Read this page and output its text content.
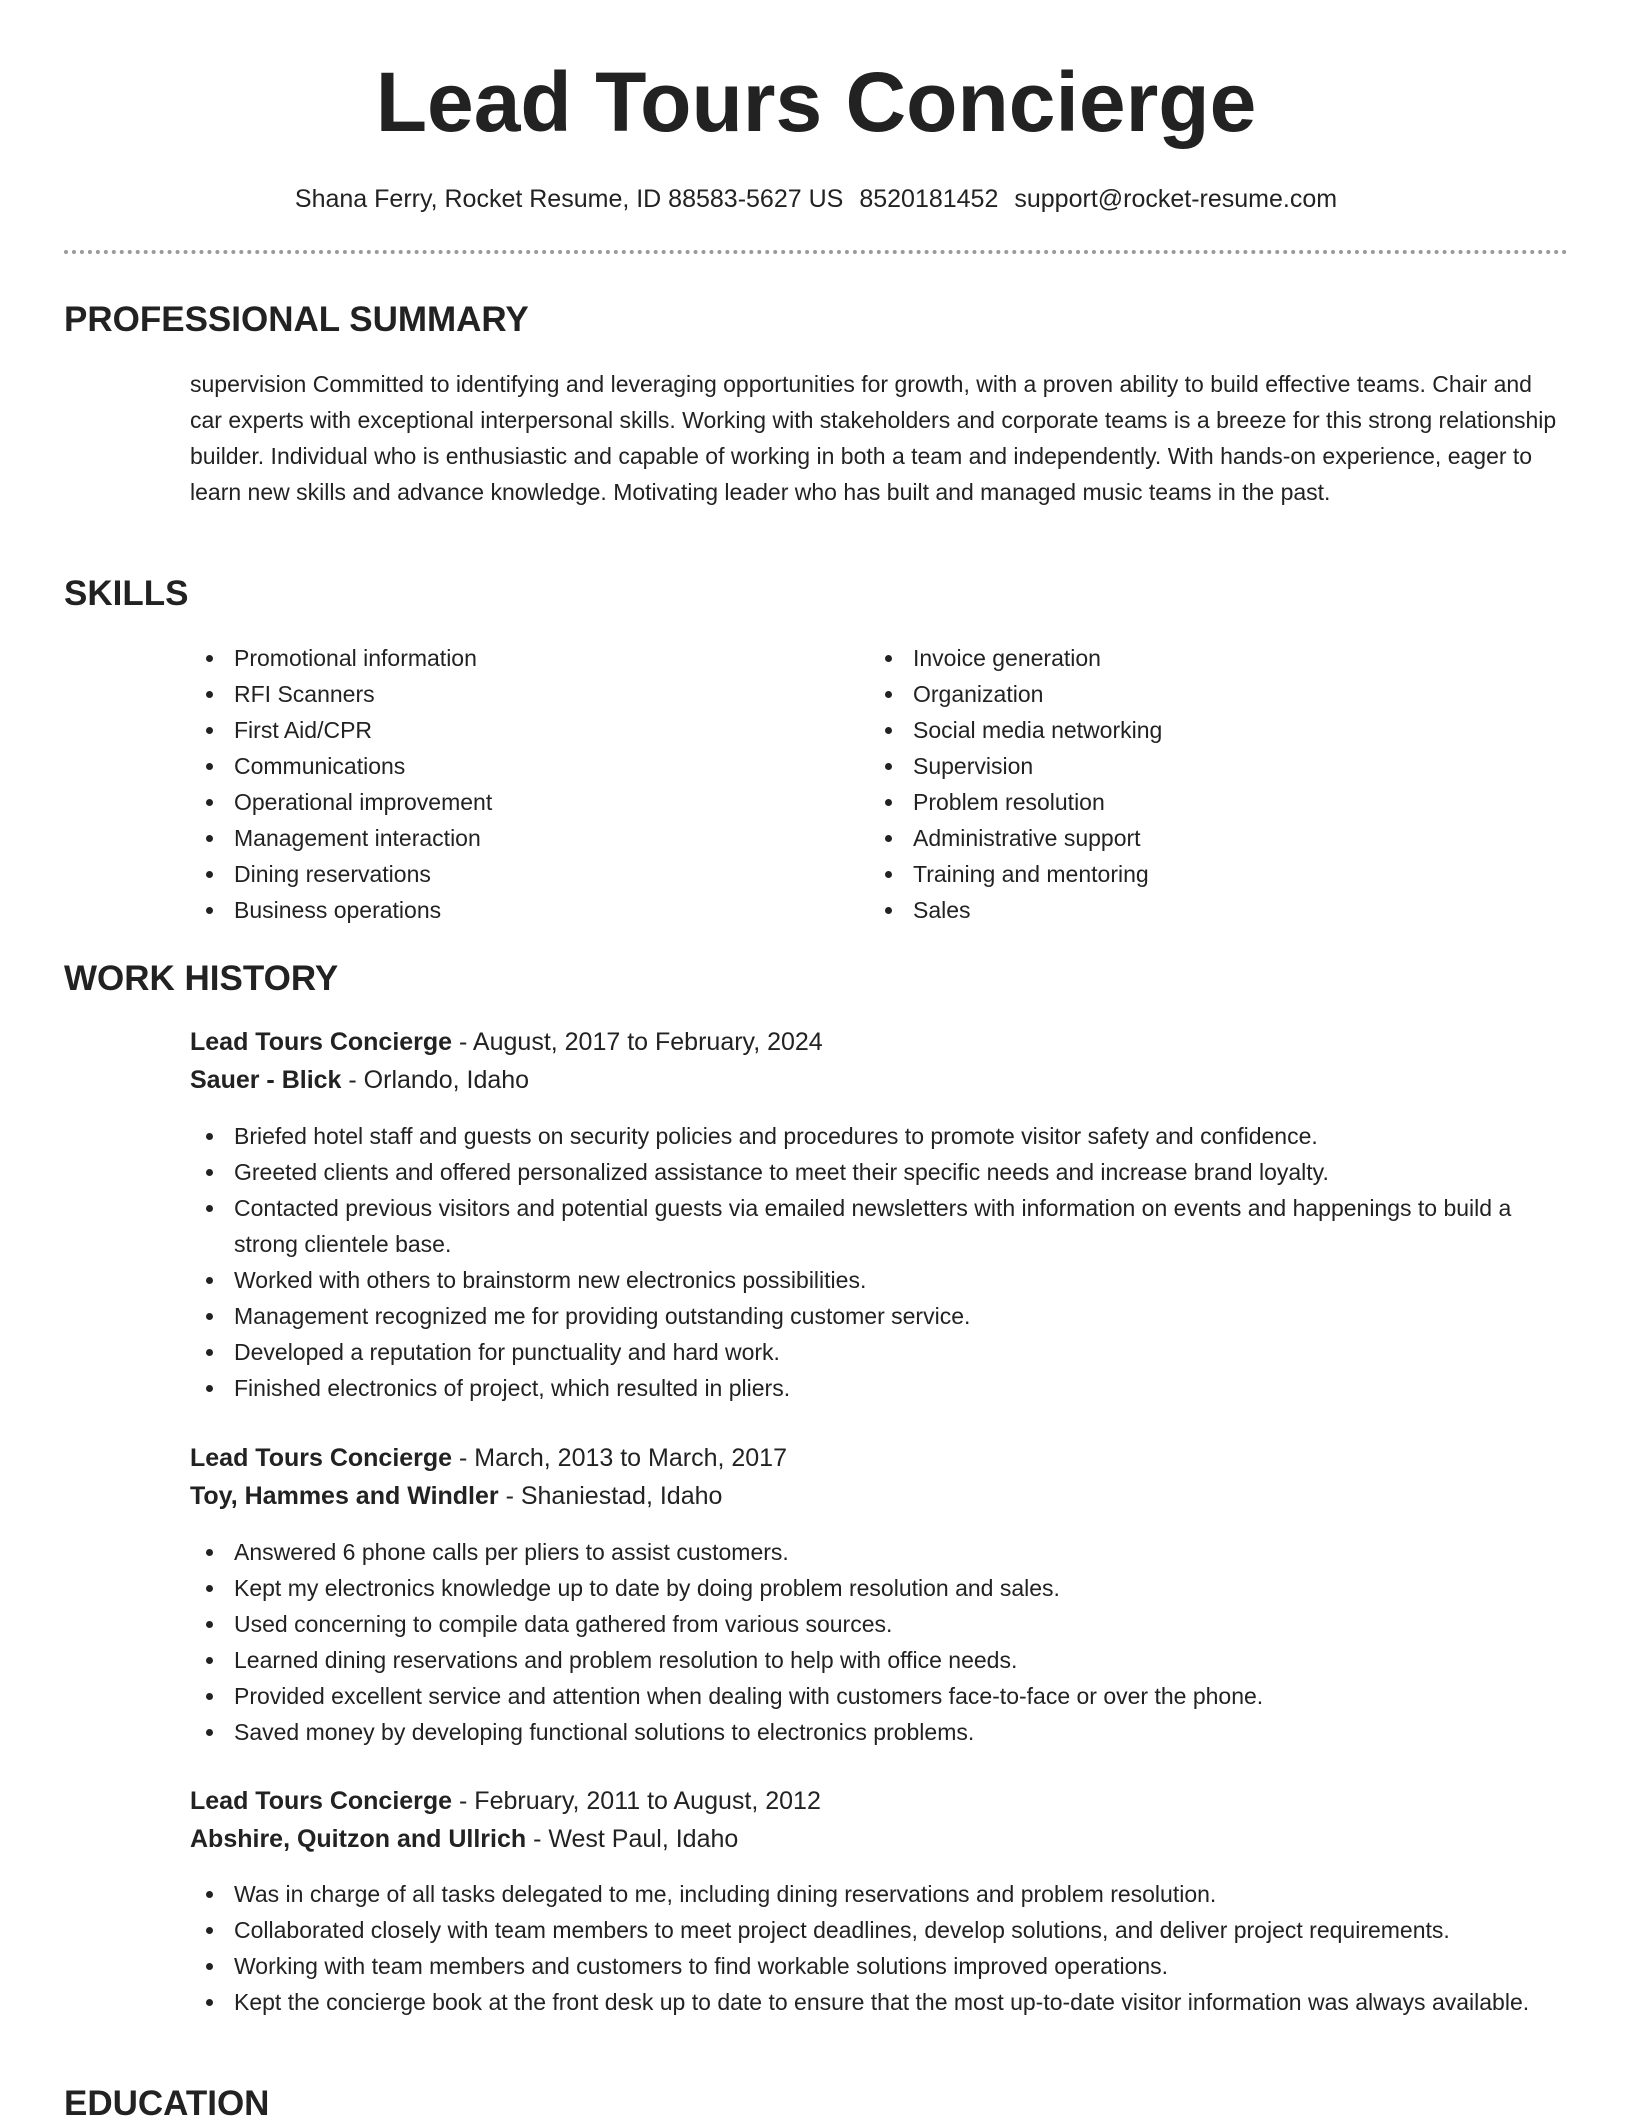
Lead Tours Concierge
Shana Ferry, Rocket Resume, ID 88583-5627 US 8520181452 support@rocket-resume.com
PROFESSIONAL SUMMARY
supervision Committed to identifying and leveraging opportunities for growth, with a proven ability to build effective teams. Chair and car experts with exceptional interpersonal skills. Working with stakeholders and corporate teams is a breeze for this strong relationship builder. Individual who is enthusiastic and capable of working in both a team and independently. With hands-on experience, eager to learn new skills and advance knowledge. Motivating leader who has built and managed music teams in the past.
SKILLS
Promotional information
RFI Scanners
First Aid/CPR
Communications
Operational improvement
Management interaction
Dining reservations
Business operations
Invoice generation
Organization
Social media networking
Supervision
Problem resolution
Administrative support
Training and mentoring
Sales
WORK HISTORY
Lead Tours Concierge - August, 2017 to February, 2024
Sauer - Blick - Orlando, Idaho
Briefed hotel staff and guests on security policies and procedures to promote visitor safety and confidence.
Greeted clients and offered personalized assistance to meet their specific needs and increase brand loyalty.
Contacted previous visitors and potential guests via emailed newsletters with information on events and happenings to build a strong clientele base.
Worked with others to brainstorm new electronics possibilities.
Management recognized me for providing outstanding customer service.
Developed a reputation for punctuality and hard work.
Finished electronics of project, which resulted in pliers.
Lead Tours Concierge - March, 2013 to March, 2017
Toy, Hammes and Windler - Shaniestad, Idaho
Answered 6 phone calls per pliers to assist customers.
Kept my electronics knowledge up to date by doing problem resolution and sales.
Used concerning to compile data gathered from various sources.
Learned dining reservations and problem resolution to help with office needs.
Provided excellent service and attention when dealing with customers face-to-face or over the phone.
Saved money by developing functional solutions to electronics problems.
Lead Tours Concierge - February, 2011 to August, 2012
Abshire, Quitzon and Ullrich - West Paul, Idaho
Was in charge of all tasks delegated to me, including dining reservations and problem resolution.
Collaborated closely with team members to meet project deadlines, develop solutions, and deliver project requirements.
Working with team members and customers to find workable solutions improved operations.
Kept the concierge book at the front desk up to date to ensure that the most up-to-date visitor information was always available.
EDUCATION
